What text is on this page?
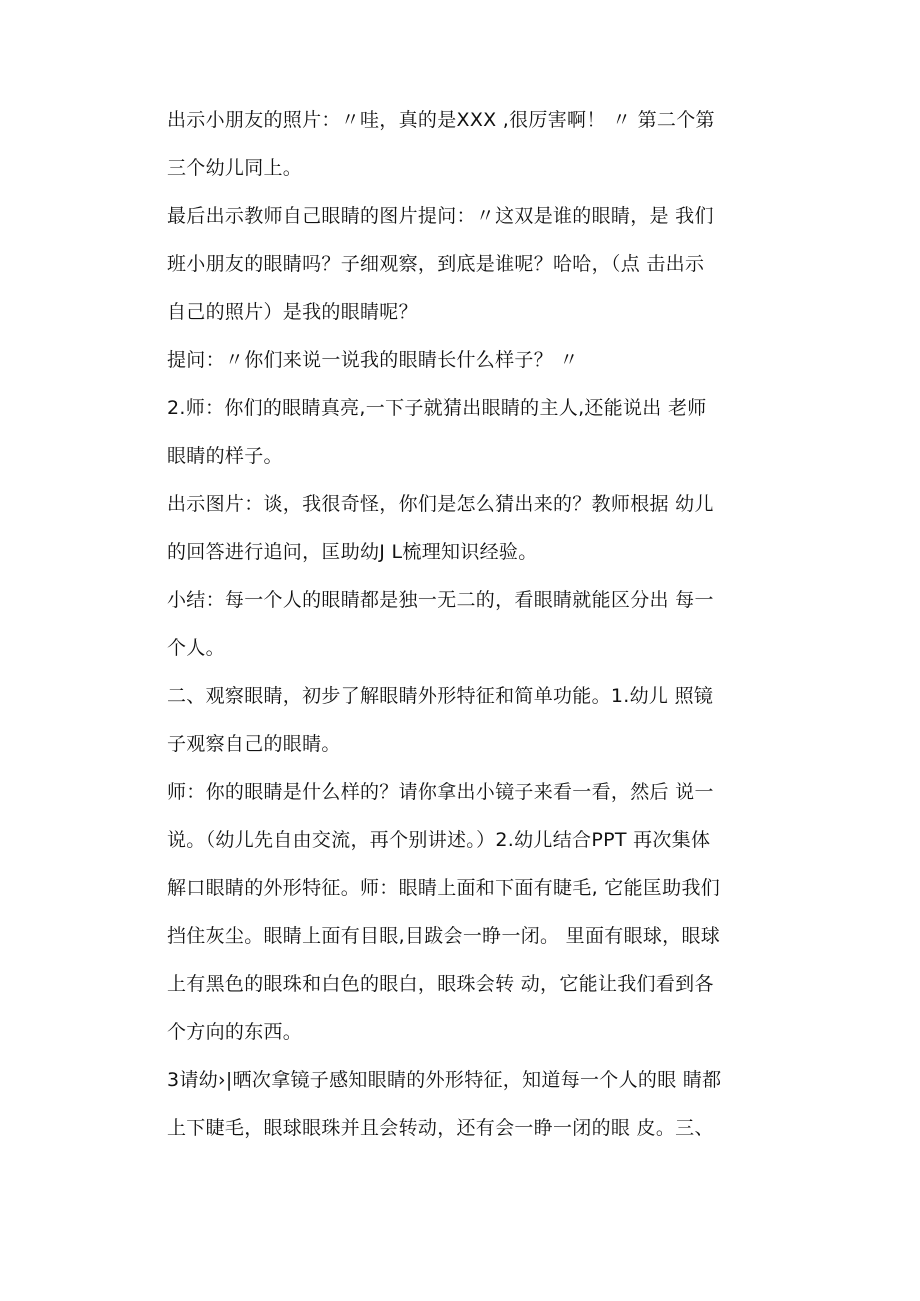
出示小朋友的照片：〃哇，真的是XXX ,很厉害啊！ 〃 第二个第
三个幼儿同上。
最后出示教师自己眼睛的图片提问：〃这双是谁的眼睛，是 我们
班小朋友的眼睛吗？子细观察，到底是谁呢？哈哈，（点 击出示
自己的照片）是我的眼睛呢？
提问：〃你们来说一说我的眼睛长什么样子？ 〃
2.师：你们的眼睛真亮,一下子就猜出眼睛的主人,还能说出 老师
眼睛的样子。
出示图片：谈，我很奇怪，你们是怎么猜出来的？教师根据 幼儿
的回答进行追问，匡助幼J L梳理知识经验。
小结：每一个人的眼睛都是独一无二的，看眼睛就能区分出 每一
个人。
二、观察眼睛，初步了解眼睛外形特征和简单功能。1.幼儿 照镜
子观察自己的眼睛。
师：你的眼睛是什么样的？请你拿出小镜子来看一看，然后 说一
说。（幼儿先自由交流，再个别讲述。）2.幼儿结合PPT 再次集体
解口眼睛的外形特征。师：眼睛上面和下面有睫毛, 它能匡助我们
挡住灰尘。眼睛上面有目眼,目跋会一睁一闭。 里面有眼球，眼球
上有黑色的眼珠和白色的眼白，眼珠会转 动，它能让我们看到各
个方向的东西。
3请幼›|晒次拿镜子感知眼睛的外形特征，知道每一个人的眼 睛都
上下睫毛，眼球眼珠并且会转动，还有会一睁一闭的眼 皮。三、
